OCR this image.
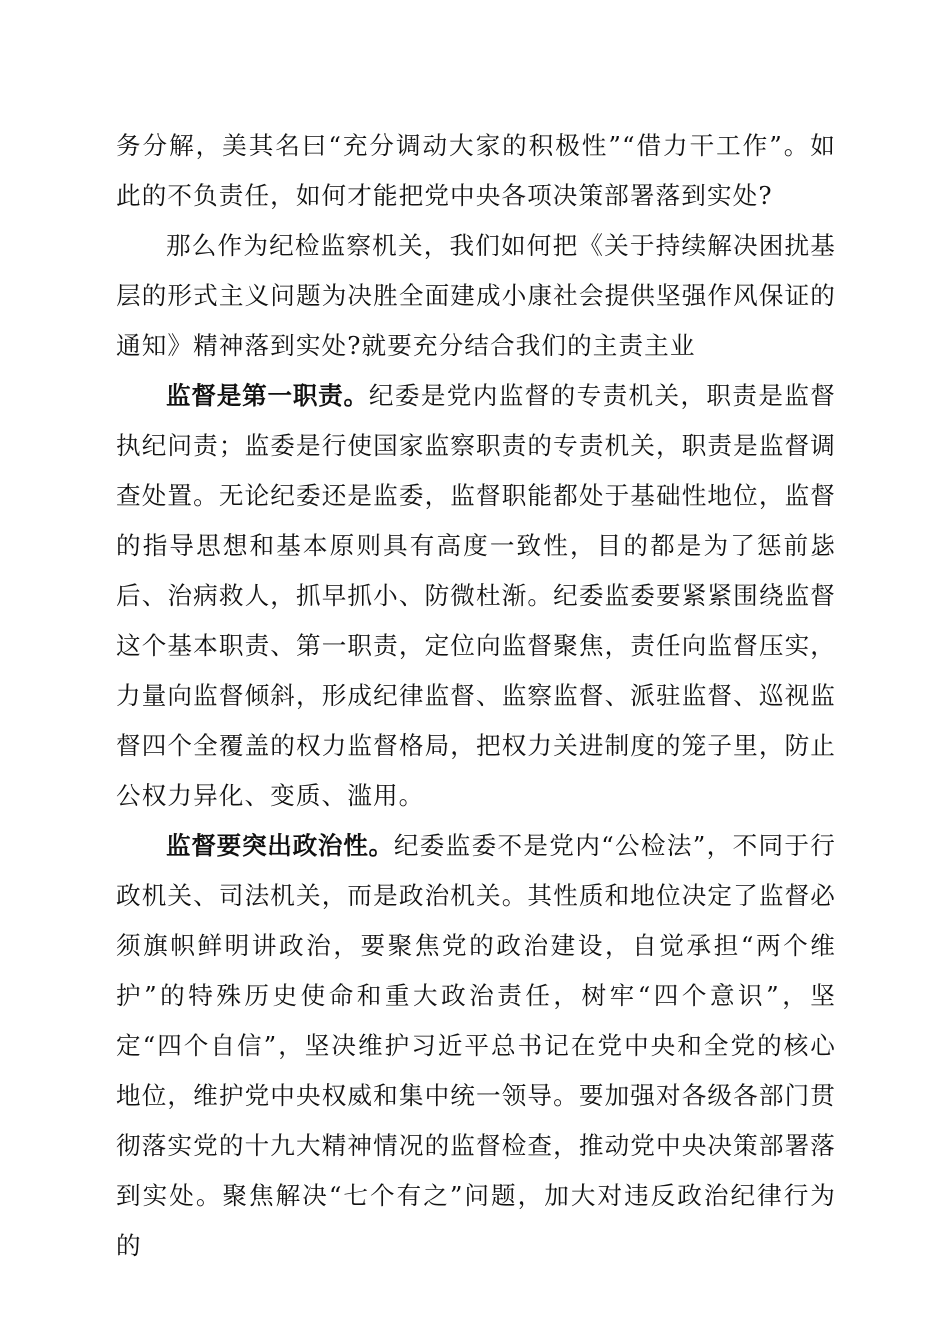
务分解，美其名曰“充分调动大家的积极性”“借力干工作”。如此的不负责任，如何才能把党中央各项决策部署落到实处?

那么作为纪检监察机关，我们如何把《关于持续解决困扰基层的形式主义问题为决胜全面建成小康社会提供坚强作风保证的通知》精神落到实处?就要充分结合我们的主责主业

监督是第一职责。纪委是党内监督的专责机关，职责是监督执纪问责；监委是行使国家监察职责的专责机关，职责是监督调查处置。无论纪委还是监委，监督职能都处于基础性地位，监督的指导思想和基本原则具有高度一致性，目的都是为了惩前毖后、治病救人，抓早抓小、防微杜渐。纪委监委要紧紧围绕监督这个基本职责、第一职责，定位向监督聚焦，责任向监督压实，力量向监督倾斜，形成纪律监督、监察监督、派驻监督、巡视监督四个全覆盖的权力监督格局，把权力关进制度的笼子里，防止公权力异化、变质、滥用。

监督要突出政治性。纪委监委不是党内“公检法”，不同于行政机关、司法机关，而是政治机关。其性质和地位决定了监督必须旗帜鲜明讲政治，要聚焦党的政治建设，自觉承担“两个维护”的特殊历史使命和重大政治责任，树牢“四个意识”，坚定“四个自信”，坚决维护习近平总书记在党中央和全党的核心地位，维护党中央权威和集中统一领导。要加强对各级各部门贯彻落实党的十九大精神情况的监督检查，推动党中央决策部署落到实处。聚焦解决“七个有之”问题，加大对违反政治纪律行为的
